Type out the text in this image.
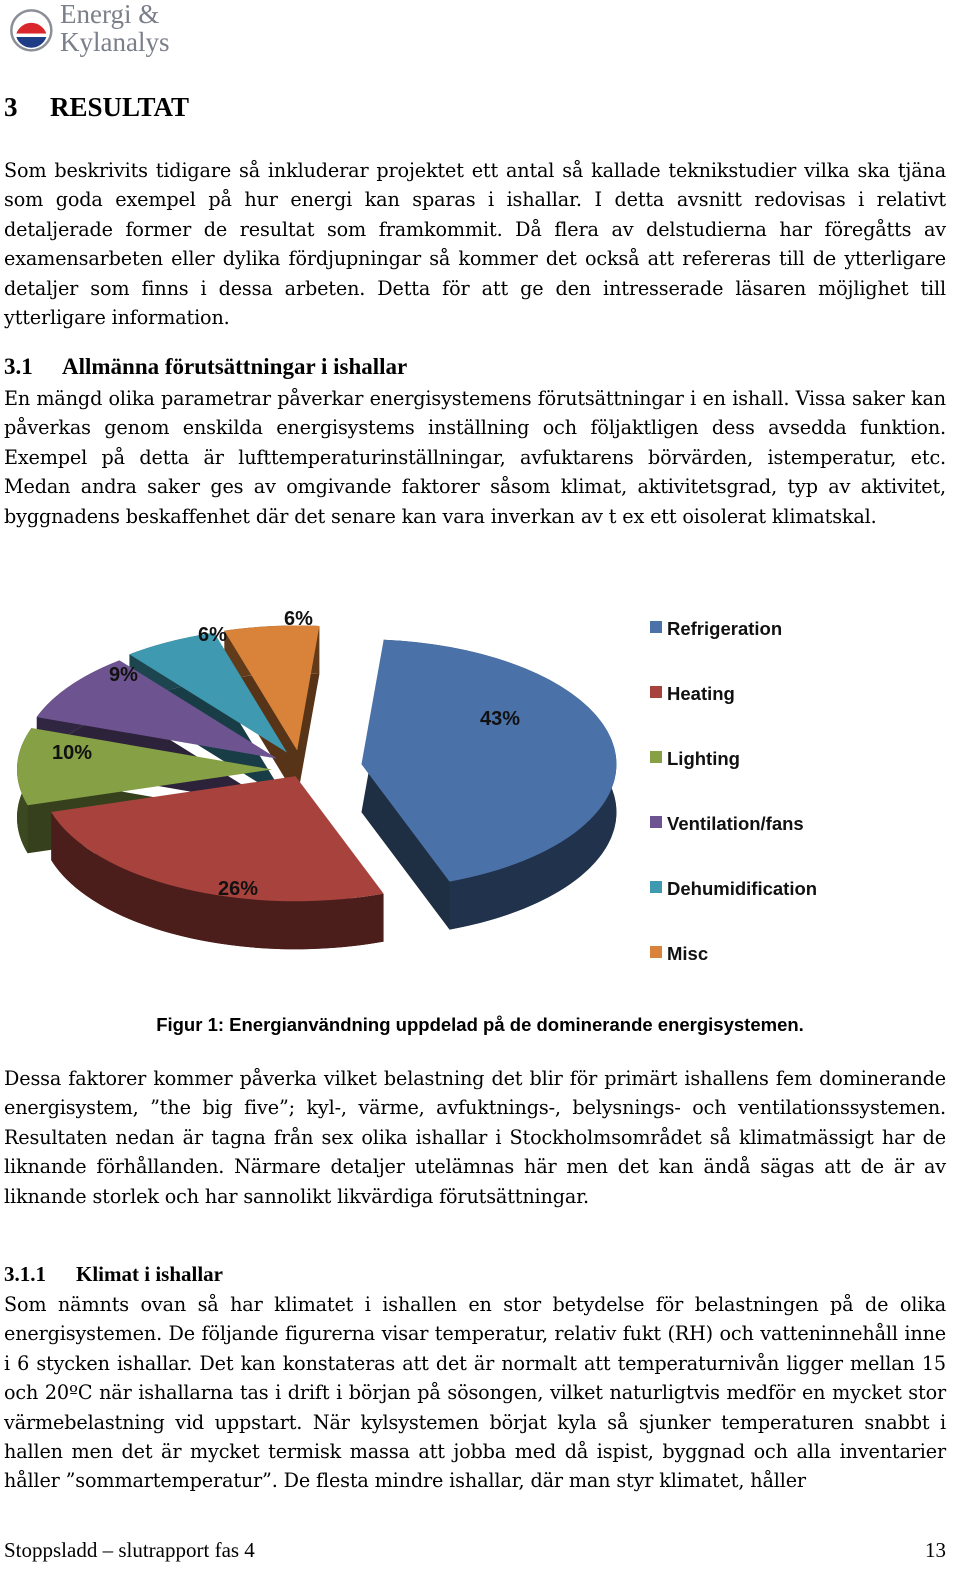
Energi &
Kylanalys
3 RESULTAT

Som beskrivits tidigare så inkluderar projektet ett antal så kallade teknikstudier vilka ska tjäna som goda exempel på hur energi kan sparas i ishallar. I detta avsnitt redovisas i relativt detaljerade former de resultat som framkommit. Då flera av delstudierna har föregåtts av examensarbeten eller dylika fördjupningar så kommer det också att refereras till de ytterligare detaljer som finns i dessa arbeten. Detta för att ge den intresserade läsaren möjlighet till ytterligare information.

3.1 Allmänna förutsättningar i ishallar

En mängd olika parametrar påverkar energisystemens förutsättningar i en ishall. Vissa saker kan påverkas genom enskilda energisystems inställning och följaktligen dess avsedda funktion. Exempel på detta är lufttemperaturinställningar, avfuktarens börvärden, istemperatur, etc. Medan andra saker ges av omgivande faktorer såsom klimat, aktivitetsgrad, typ av aktivitet, byggnadens beskaffenhet där det senare kan vara inverkan av t ex ett oisolerat klimatskal.

43%
26%
10%
9%
6%
6%	Refrigeration
Heating
Lighting
Ventilation/fans
Dehumidification
Misc
Figur 1: Energianvändning uppdelad på de dominerande energisystemen.

Dessa faktorer kommer påverka vilket belastning det blir för primärt ishallens fem dominerande energisystem, ”the big five”; kyl-, värme, avfuktnings-, belysnings- och ventilationssystemen. Resultaten nedan är tagna från sex olika ishallar i Stockholmsområdet så klimatmässigt har de liknande förhållanden. Närmare detaljer utelämnas här men det kan ändå sägas att de är av liknande storlek och har sannolikt likvärdiga förutsättningar.

3.1.1 Klimat i ishallar

Som nämnts ovan så har klimatet i ishallen en stor betydelse för belastningen på de olika energisystemen. De följande figurerna visar temperatur, relativ fukt (RH) och vatteninnehåll inne i 6 stycken ishallar. Det kan konstateras att det är normalt att temperaturnivån ligger mellan 15 och 20ºC när ishallarna tas i drift i början på sösongen, vilket naturligtvis medför en mycket stor värmebelastning vid uppstart. När kylsystemen börjat kyla så sjunker temperaturen snabbt i hallen men det är mycket termisk massa att jobba med då ispist, byggnad och alla inventarier håller ”sommartemperatur”. De flesta mindre ishallar, där man styr klimatet, håller

Stoppsladd – slutrapport fas 4	13
